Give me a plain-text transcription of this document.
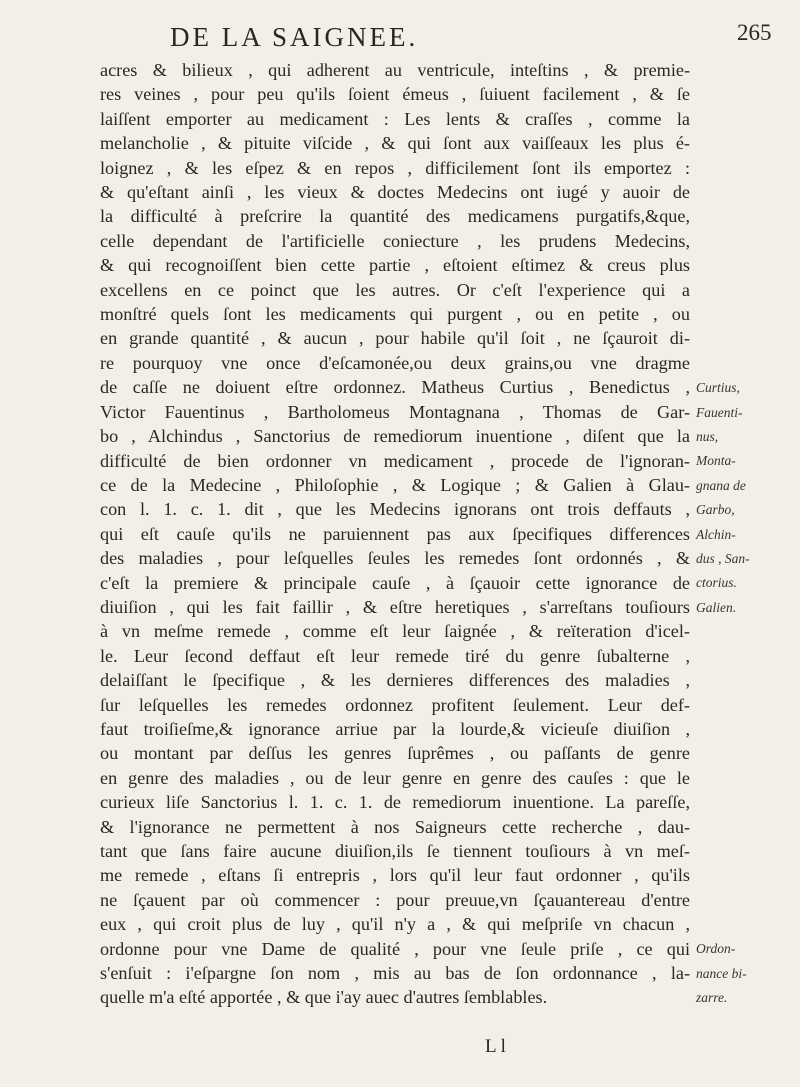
DE LA SAIGNEE.	265
acres & bilieux , qui adherent au ventricule, inteſtins , & premie-
res veines , pour peu qu'ils ſoient émeus , ſuiuent facilement , & ſe
laiſſent emporter au medicament : Les lents & craſſes , comme la
melancholie , & pituite viſcide , & qui ſont aux vaiſſeaux les plus é-
loignez , & les eſpez & en repos , difficilement ſont ils emportez :
& qu'eſtant ainſi , les vieux & doctes Medecins ont iugé y auoir de
la difficulté à preſcrire la quantité des medicamens purgatifs,&que,
celle dependant de l'artificielle coniecture , les prudens Medecins,
& qui recognoiſſent bien cette partie , eſtoient eſtimez & creus plus
excellens en ce poinct que les autres. Or c'eſt l'experience qui a
monſtré quels ſont les medicaments qui purgent , ou en petite , ou
en grande quantité , & aucun , pour habile qu'il ſoit , ne ſçauroit di-
re pourquoy vne once d'eſcamonée,ou deux grains,ou vne dragme
de caſſe ne doiuent eſtre ordonnez. Matheus Curtius , Benedictus ,
Victor Fauentinus , Bartholomeus Montagnana , Thomas de Gar-
bo , Alchindus , Sanctorius de remediorum inuentione , diſent que la
difficulté de bien ordonner vn medicament , procede de l'ignoran-
ce de la Medecine , Philoſophie , & Logique ; & Galien à Glau-
con l. 1. c. 1. dit , que les Medecins ignorans ont trois deffauts ,
qui eſt cauſe qu'ils ne paruiennent pas aux ſpecifiques differences
des maladies , pour leſquelles ſeules les remedes ſont ordonnés , &
c'eſt la premiere & principale cauſe , à ſçauoir cette ignorance de
diuiſion , qui les fait faillir , & eſtre heretiques , s'arreſtans touſiours
à vn meſme remede , comme eſt leur ſaignée , & reïteration d'icel-
le. Leur ſecond deffaut eſt leur remede tiré du genre ſubalterne ,
delaiſſant le ſpecifique , & les dernieres differences des maladies ,
ſur leſquelles les remedes ordonnez profitent ſeulement. Leur def-
faut troiſieſme,& ignorance arriue par la lourde,& vicieuſe diuiſion ,
ou montant par deſſus les genres ſuprêmes , ou paſſants de genre
en genre des maladies , ou de leur genre en genre des cauſes : que le
curieux liſe Sanctorius l. 1. c. 1. de remediorum inuentione. La pareſſe,
& l'ignorance ne permettent à nos Saigneurs cette recherche , dau-
tant que ſans faire aucune diuiſion,ils ſe tiennent touſiours à vn meſ-
me remede , eſtans ſi entrepris , lors qu'il leur faut ordonner , qu'ils
ne ſçauent par où commencer : pour preuue,vn ſçauantereau d'entre
eux , qui croit plus de luy , qu'il n'y a , & qui meſpriſe vn chacun ,
ordonne pour vne Dame de qualité , pour vne ſeule priſe , ce qui
s'enſuit : i'eſpargne ſon nom , mis au bas de ſon ordonnance , la-
quelle m'a eſté apportée , & que i'ay auec d'autres ſemblables.
Curtius,
Fauenti-
nus,
Monta-
gnana de
Garbo,
Alchin-
dus , San-
ctorius.
Galien.
Ordon-
nance bi-
zarre.
L l
